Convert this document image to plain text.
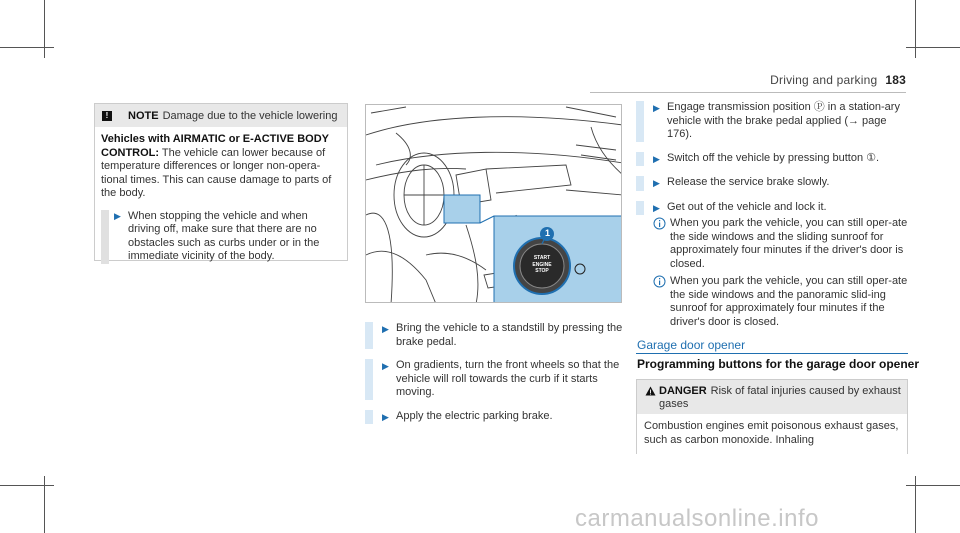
Driving and parking 183
!	NOTE Damage due to the vehicle lowering
Vehicles with AIRMATIC or E-ACTIVE BODY CONTROL: The vehicle can lower because of temperature differences or longer non-opera-tional times. This can cause damage to parts of the body.
▶ When stopping the vehicle and when driving off, make sure that there are no obstacles such as curbs under or in the immediate vicinity of the body.
1
START
ENGINE
STOP
▶ Bring the vehicle to a standstill by pressing the brake pedal.
▶ On gradients, turn the front wheels so that the vehicle will roll towards the curb if it starts moving.
▶ Apply the electric parking brake.
▶ Engage transmission position Ⓟ in a station-ary vehicle with the brake pedal applied (→ page 176).
▶ Switch off the vehicle by pressing button ①.
▶ Release the service brake slowly.
▶ Get out of the vehicle and lock it.
When you park the vehicle, you can still oper-ate the side windows and the sliding sunroof for approximately four minutes if the driver's door is closed.
When you park the vehicle, you can still oper-ate the side windows and the panoramic slid-ing sunroof for approximately four minutes if the driver's door is closed.
Garage door opener
Programming buttons for the garage door opener
DANGER Risk of fatal injuries caused by exhaust gases
Combustion engines emit poisonous exhaust gases, such as carbon monoxide. Inhaling
carmanualsonline.info
